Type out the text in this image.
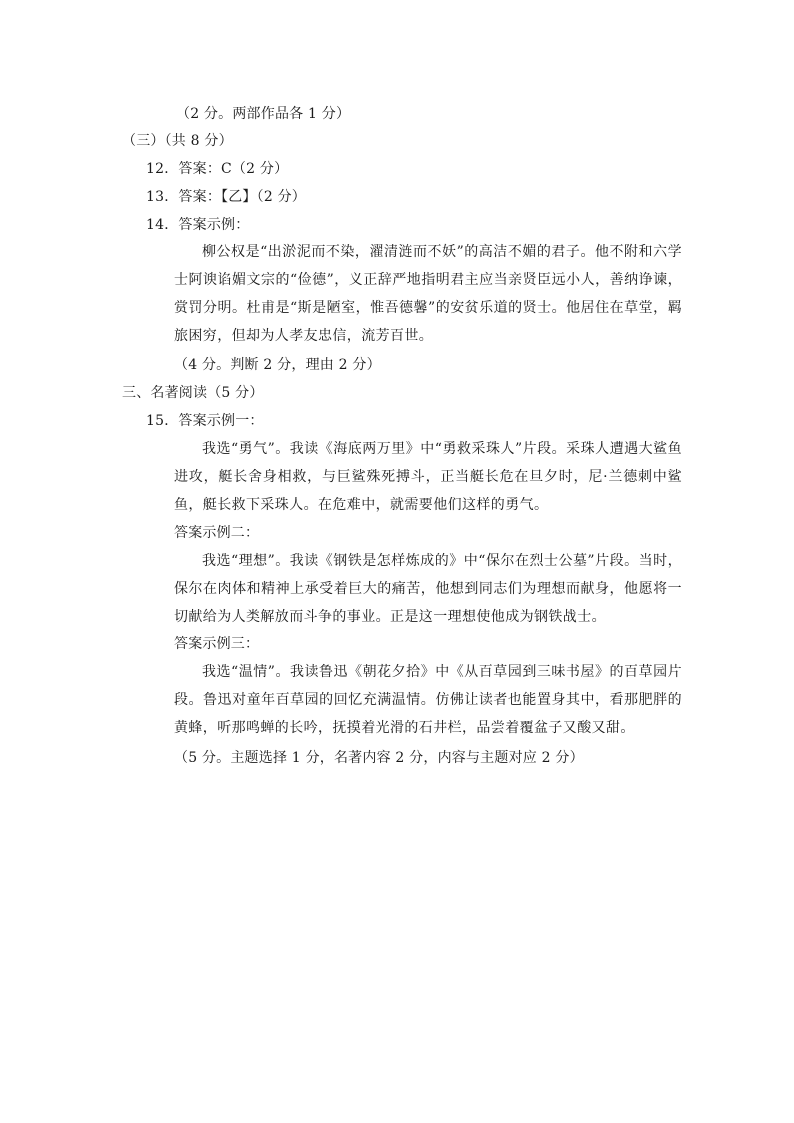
（2 分。两部作品各 1 分）
（三）（共 8 分）
12．答案：C（2 分）
13．答案：【乙】（2 分）
14．答案示例：

柳公权是“出淤泥而不染，濯清涟而不妖”的高洁不媚的君子。他不附和六学士阿谀谄媚文宗的“俭德”，义正辞严地指明君主应当亲贤臣远小人，善纳诤谏，赏罚分明。杜甫是“斯是陋室，惟吾德馨”的安贫乐道的贤士。他居住在草堂，羁旅困穷，但却为人孝友忠信，流芳百世。

（4 分。判断 2 分，理由 2 分）
三、名著阅读（5 分）
15．答案示例一：

我选“勇气”。我读《海底两万里》中“勇救采珠人”片段。采珠人遭遇大鲨鱼进攻，艇长舍身相救，与巨鲨殊死搏斗，正当艇长危在旦夕时，尼·兰德刺中鲨鱼，艇长救下采珠人。在危难中，就需要他们这样的勇气。

答案示例二：

我选“理想”。我读《钢铁是怎样炼成的》中“保尔在烈士公墓”片段。当时，保尔在肉体和精神上承受着巨大的痛苦，他想到同志们为理想而献身，他愿将一切献给为人类解放而斗争的事业。正是这一理想使他成为钢铁战士。

答案示例三：

我选“温情”。我读鲁迅《朝花夕拾》中《从百草园到三味书屋》的百草园片段。鲁迅对童年百草园的回忆充满温情。仿佛让读者也能置身其中，看那肥胖的黄蜂，听那鸣蝉的长吟，抚摸着光滑的石井栏，品尝着覆盆子又酸又甜。

（5 分。主题选择 1 分，名著内容 2 分，内容与主题对应 2 分）
